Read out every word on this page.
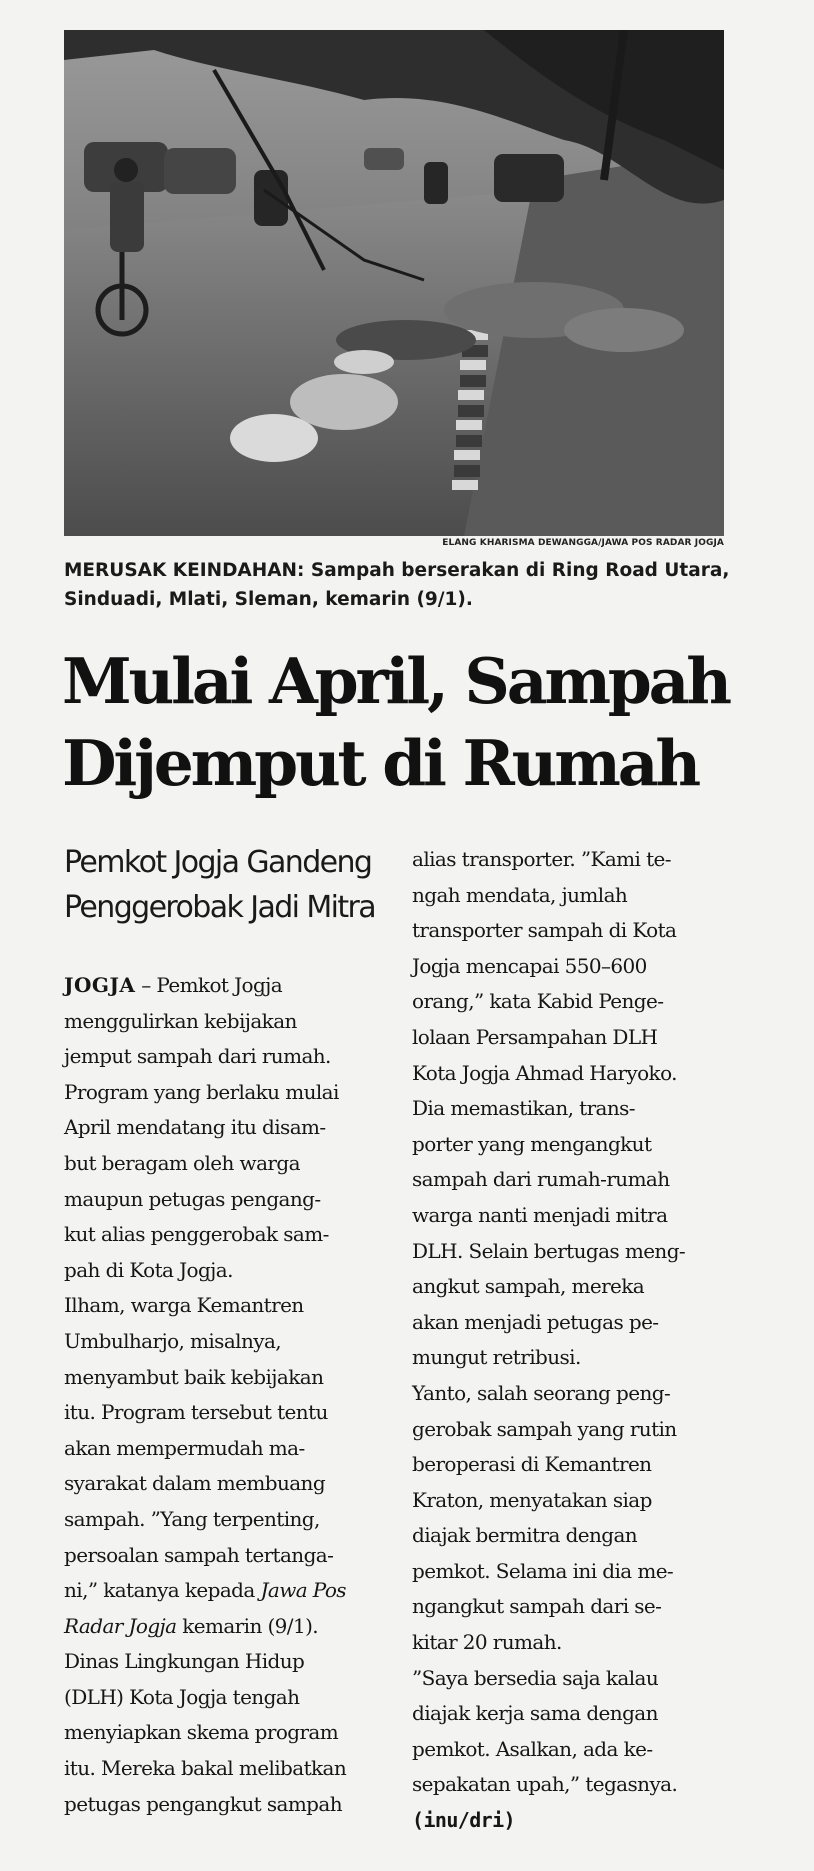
ELANG KHARISMA DEWANGGA/JAWA POS RADAR JOGJA
MERUSAK KEINDAHAN: Sampah berserakan di Ring Road Utara,
Sinduadi, Mlati, Sleman, kemarin (9/1).
Mulai April, Sampah
Dijemput di Rumah
Pemkot Jogja Gandeng
Penggerobak Jadi Mitra
JOGJA – Pemkot Jogja
menggulirkan kebijakan
jemput sampah dari rumah.
Program yang berlaku mulai
April mendatang itu disam-
but beragam oleh warga
maupun petugas pengang-
kut alias penggerobak sam-
pah di Kota Jogja.
Ilham, warga Kemantren
Umbulharjo, misalnya,
menyambut baik kebijakan
itu. Program tersebut tentu
akan mempermudah ma-
syarakat dalam membuang
sampah. ”Yang terpenting,
persoalan sampah tertanga-
ni,” katanya kepada Jawa Pos
Radar Jogja kemarin (9/1).
Dinas Lingkungan Hidup
(DLH) Kota Jogja tengah
menyiapkan skema program
itu. Mereka bakal melibatkan
petugas pengangkut sampah
alias transporter. ”Kami te-
ngah mendata, jumlah
transporter sampah di Kota
Jogja mencapai 550–600
orang,” kata Kabid Penge-
lolaan Persampahan DLH
Kota Jogja Ahmad Haryoko.
Dia memastikan, trans-
porter yang mengangkut
sampah dari rumah-rumah
warga nanti menjadi mitra
DLH. Selain bertugas meng-
angkut sampah, mereka
akan menjadi petugas pe-
mungut retribusi.
Yanto, salah seorang peng-
gerobak sampah yang rutin
beroperasi di Kemantren
Kraton, menyatakan siap
diajak bermitra dengan
pemkot. Selama ini dia me-
ngangkut sampah dari se-
kitar 20 rumah.
”Saya bersedia saja kalau
diajak kerja sama dengan
pemkot. Asalkan, ada ke-
sepakatan upah,” tegasnya.
(inu/dri)
